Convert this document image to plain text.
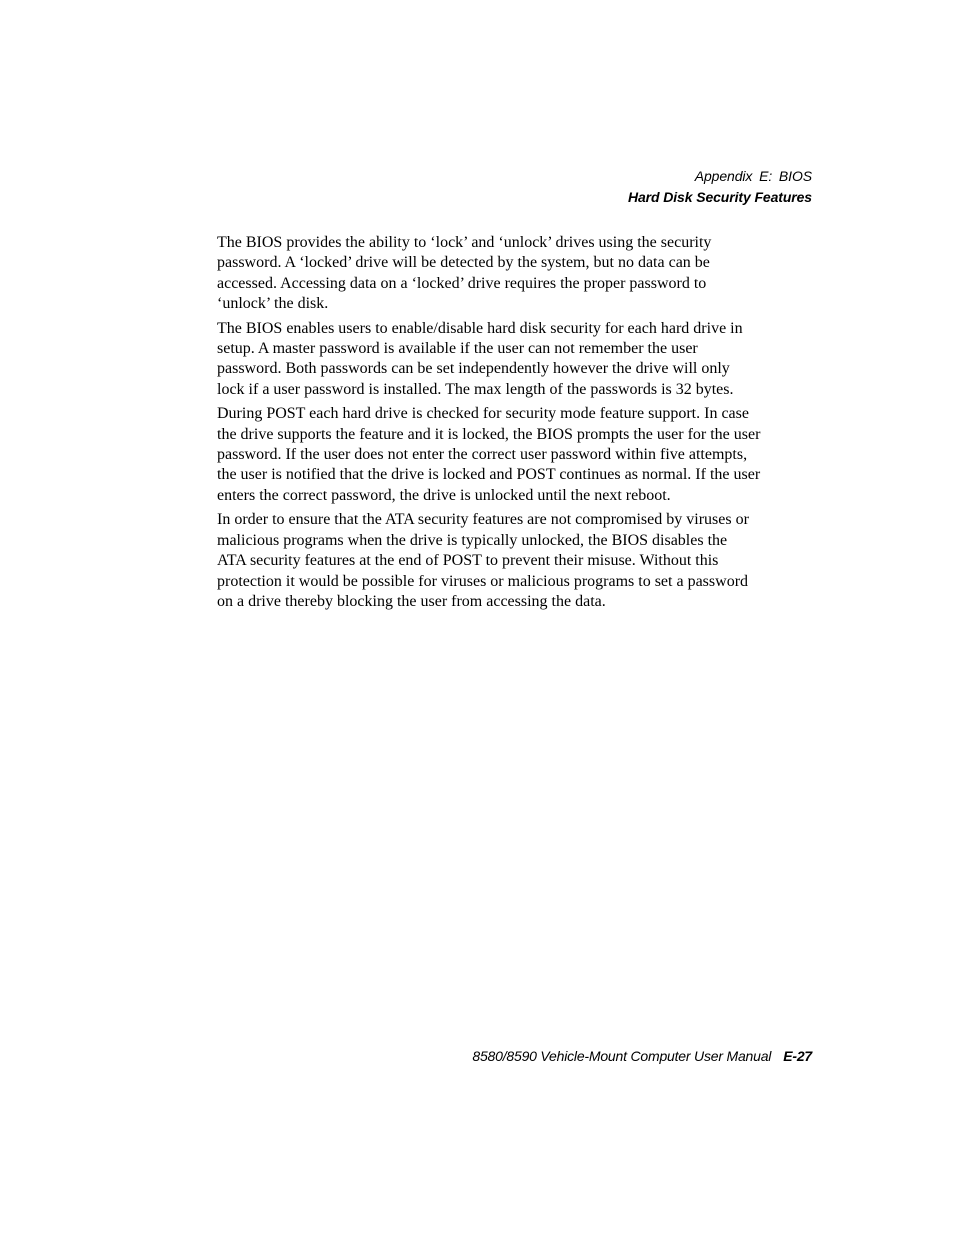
Appendix E: BIOS
Hard Disk Security Features

The BIOS provides the ability to ‘lock’ and ‘unlock’ drives using the security
password. A ‘locked’ drive will be detected by the system, but no data can be
accessed. Accessing data on a ‘locked’ drive requires the proper password to
‘unlock’ the disk.

The BIOS enables users to enable/disable hard disk security for each hard drive in
setup. A master password is available if the user can not remember the user
password. Both passwords can be set independently however the drive will only
lock if a user password is installed. The max length of the passwords is 32 bytes.

During POST each hard drive is checked for security mode feature support. In case
the drive supports the feature and it is locked, the BIOS prompts the user for the user
password. If the user does not enter the correct user password within five attempts,
the user is notified that the drive is locked and POST continues as normal. If the user
enters the correct password, the drive is unlocked until the next reboot.

In order to ensure that the ATA security features are not compromised by viruses or
malicious programs when the drive is typically unlocked, the BIOS disables the
ATA security features at the end of POST to prevent their misuse. Without this
protection it would be possible for viruses or malicious programs to set a password
on a drive thereby blocking the user from accessing the data.

8580/8590 Vehicle-Mount Computer User Manual E-27
